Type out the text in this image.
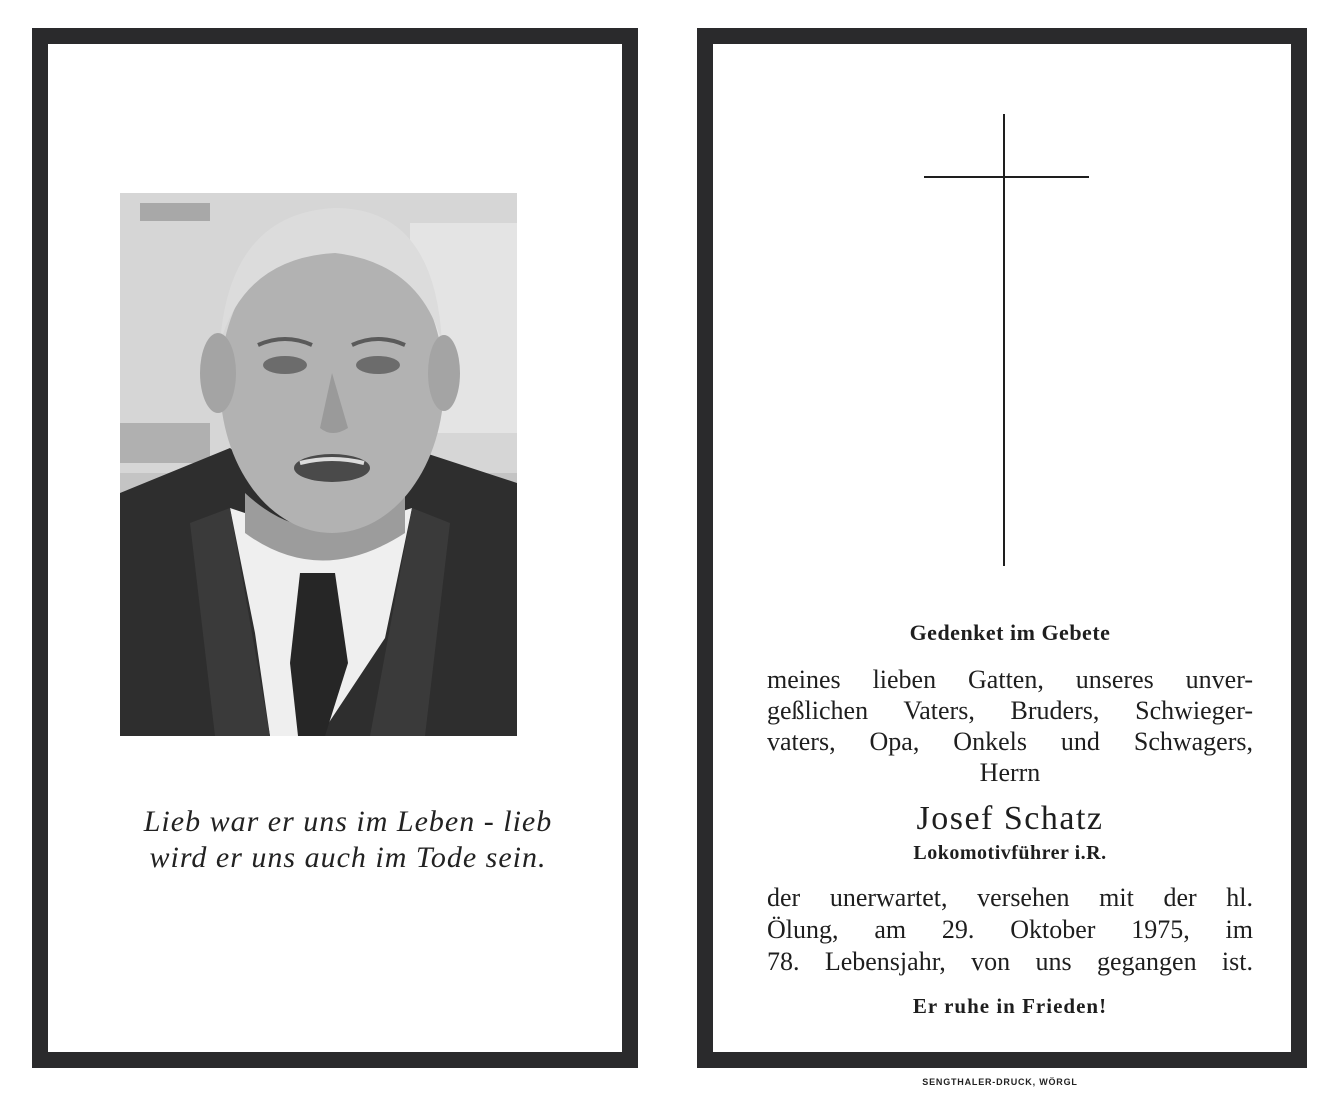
Lieb war er uns im Leben - lieb
wird er uns auch im Tode sein.
Gedenket im Gebete
meines lieben Gatten, unseres unver-
geßlichen Vaters, Bruders, Schwieger-
vaters, Opa, Onkels und Schwagers,
Herrn
Josef Schatz
Lokomotivführer i.R.
der unerwartet, versehen mit der hl.
Ölung, am 29. Oktober 1975, im
78. Lebensjahr, von uns gegangen ist.
Er ruhe in Frieden!
SENGTHALER-DRUCK, WÖRGL
